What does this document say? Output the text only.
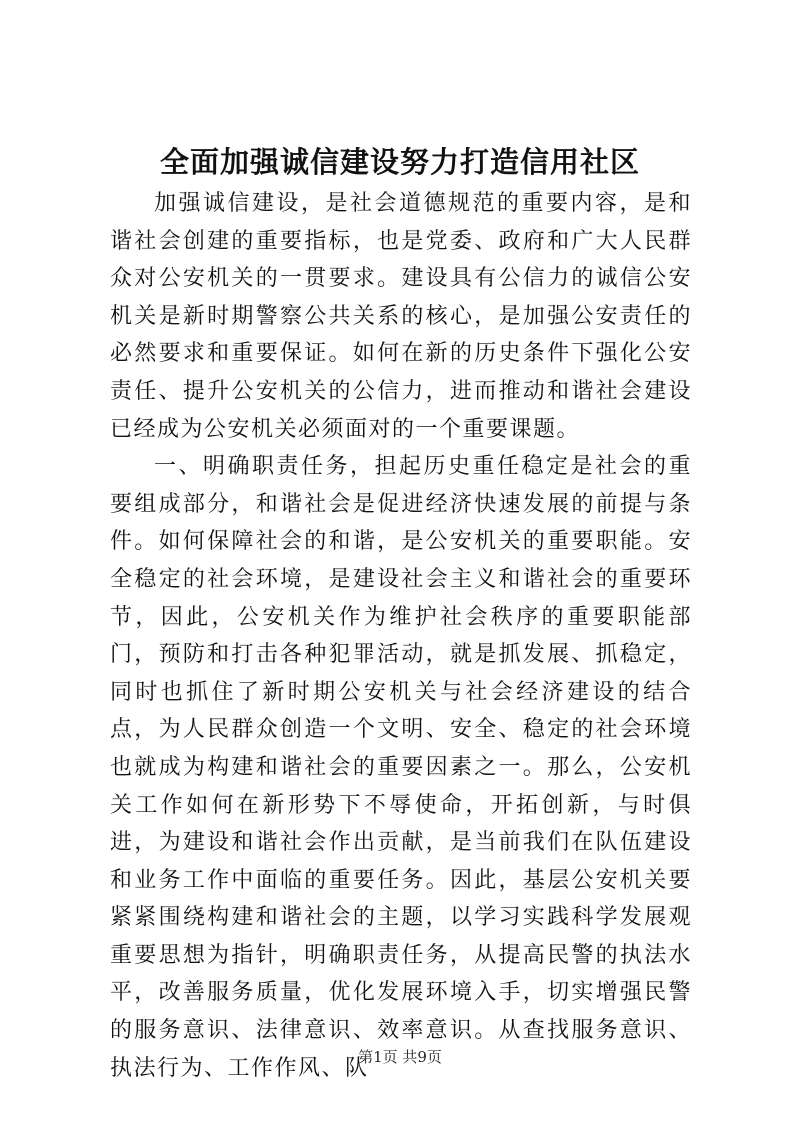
全面加强诚信建设努力打造信用社区

加强诚信建设，是社会道德规范的重要内容，是和谐社会创建的重要指标，也是党委、政府和广大人民群众对公安机关的一贯要求。建设具有公信力的诚信公安机关是新时期警察公共关系的核心，是加强公安责任的必然要求和重要保证。如何在新的历史条件下强化公安责任、提升公安机关的公信力，进而推动和谐社会建设已经成为公安机关必须面对的一个重要课题。

一、明确职责任务，担起历史重任稳定是社会的重要组成部分，和谐社会是促进经济快速发展的前提与条件。如何保障社会的和谐，是公安机关的重要职能。安全稳定的社会环境，是建设社会主义和谐社会的重要环节，因此，公安机关作为维护社会秩序的重要职能部门，预防和打击各种犯罪活动，就是抓发展、抓稳定，同时也抓住了新时期公安机关与社会经济建设的结合点，为人民群众创造一个文明、安全、稳定的社会环境也就成为构建和谐社会的重要因素之一。那么，公安机关工作如何在新形势下不辱使命，开拓创新，与时俱进，为建设和谐社会作出贡献，是当前我们在队伍建设和业务工作中面临的重要任务。因此，基层公安机关要紧紧围绕构建和谐社会的主题，以学习实践科学发展观重要思想为指针，明确职责任务，从提高民警的执法水平，改善服务质量，优化发展环境入手，切实增强民警的服务意识、法律意识、效率意识。从查找服务意识、执法行为、工作作风、队

第1页 共9页
